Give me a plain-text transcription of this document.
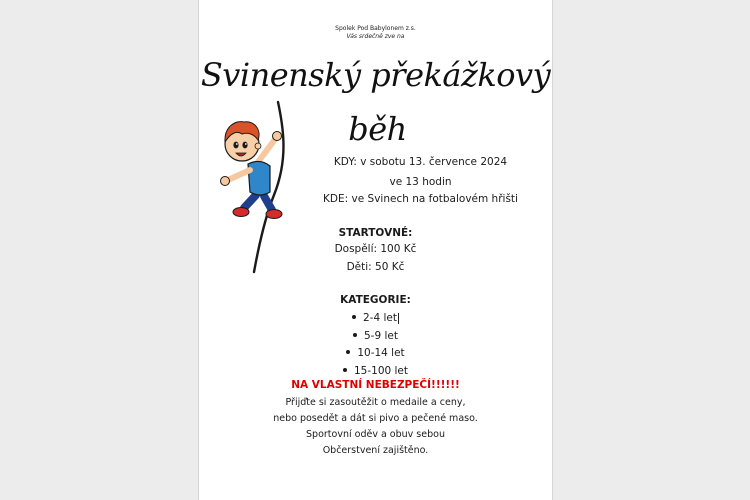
Spolek Pod Babylonem z.s.
Vás srdečně zve na
Svinenský překážkový
běh
KDY: v sobotu 13. července 2024
ve 13 hodin
KDE: ve Svinech na fotbalovém hřišti
STARTOVNÉ:
Dospělí: 100 Kč
Děti: 50 Kč
KATEGORIE:
2-4 let
5-9 let
10-14 let
15-100 let
NA VLASTNÍ NEBEZPEČÍ!!!!!!
Přijďte si zasoutěžit o medaile a ceny,
nebo posedět a dát si pivo a pečené maso.
Sportovní oděv a obuv sebou
Občerstvení zajištěno.
